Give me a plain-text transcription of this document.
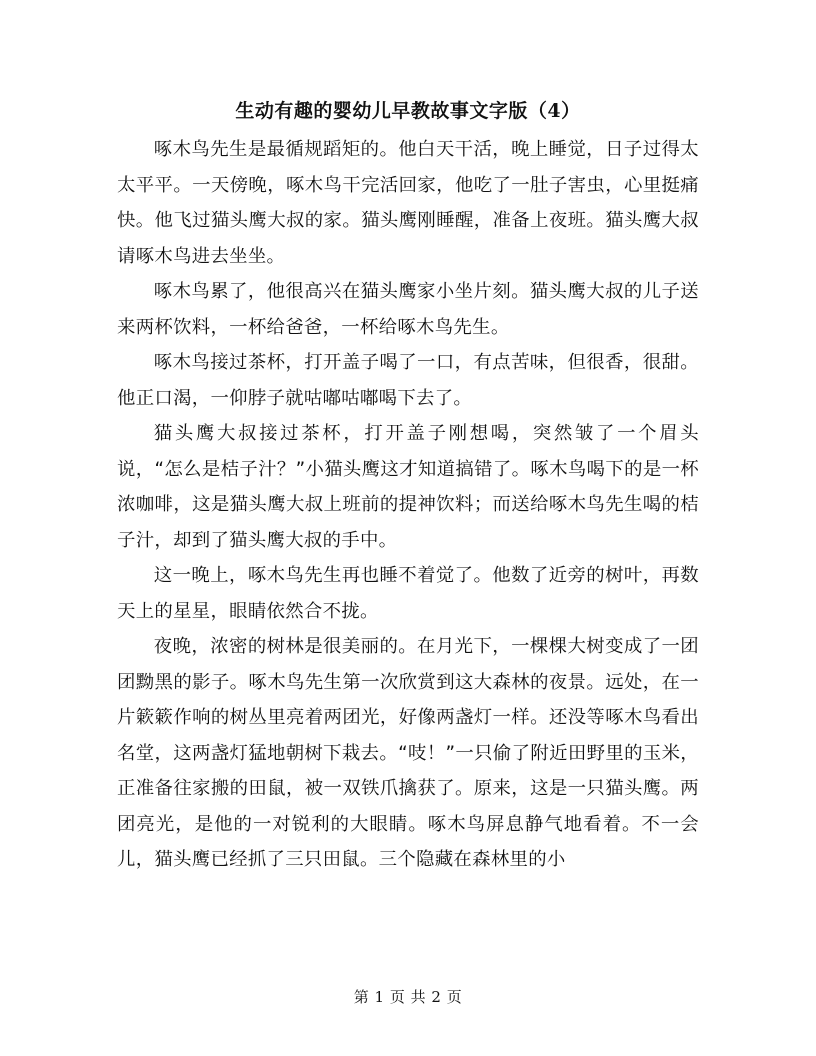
生动有趣的婴幼儿早教故事文字版（4）

啄木鸟先生是最循规蹈矩的。他白天干活，晚上睡觉，日子过得太太平平。一天傍晚，啄木鸟干完活回家，他吃了一肚子害虫，心里挺痛快。他飞过猫头鹰大叔的家。猫头鹰刚睡醒，准备上夜班。猫头鹰大叔请啄木鸟进去坐坐。

啄木鸟累了，他很高兴在猫头鹰家小坐片刻。猫头鹰大叔的儿子送来两杯饮料，一杯给爸爸，一杯给啄木鸟先生。

啄木鸟接过茶杯，打开盖子喝了一口，有点苦味，但很香，很甜。他正口渴，一仰脖子就咕嘟咕嘟喝下去了。

猫头鹰大叔接过茶杯，打开盖子刚想喝，突然皱了一个眉头说，“怎么是桔子汁？”小猫头鹰这才知道搞错了。啄木鸟喝下的是一杯浓咖啡，这是猫头鹰大叔上班前的提神饮料；而送给啄木鸟先生喝的桔子汁，却到了猫头鹰大叔的手中。

这一晚上，啄木鸟先生再也睡不着觉了。他数了近旁的树叶，再数天上的星星，眼睛依然合不拢。

夜晚，浓密的树林是很美丽的。在月光下，一棵棵大树变成了一团团黝黑的影子。啄木鸟先生第一次欣赏到这大森林的夜景。远处，在一片簌簌作响的树丛里亮着两团光，好像两盏灯一样。还没等啄木鸟看出名堂，这两盏灯猛地朝树下栽去。“吱！”一只偷了附近田野里的玉米，正准备往家搬的田鼠，被一双铁爪擒获了。原来，这是一只猫头鹰。两团亮光，是他的一对锐利的大眼睛。啄木鸟屏息静气地看着。不一会儿，猫头鹰已经抓了三只田鼠。三个隐藏在森林里的小

第 1 页 共 2 页
